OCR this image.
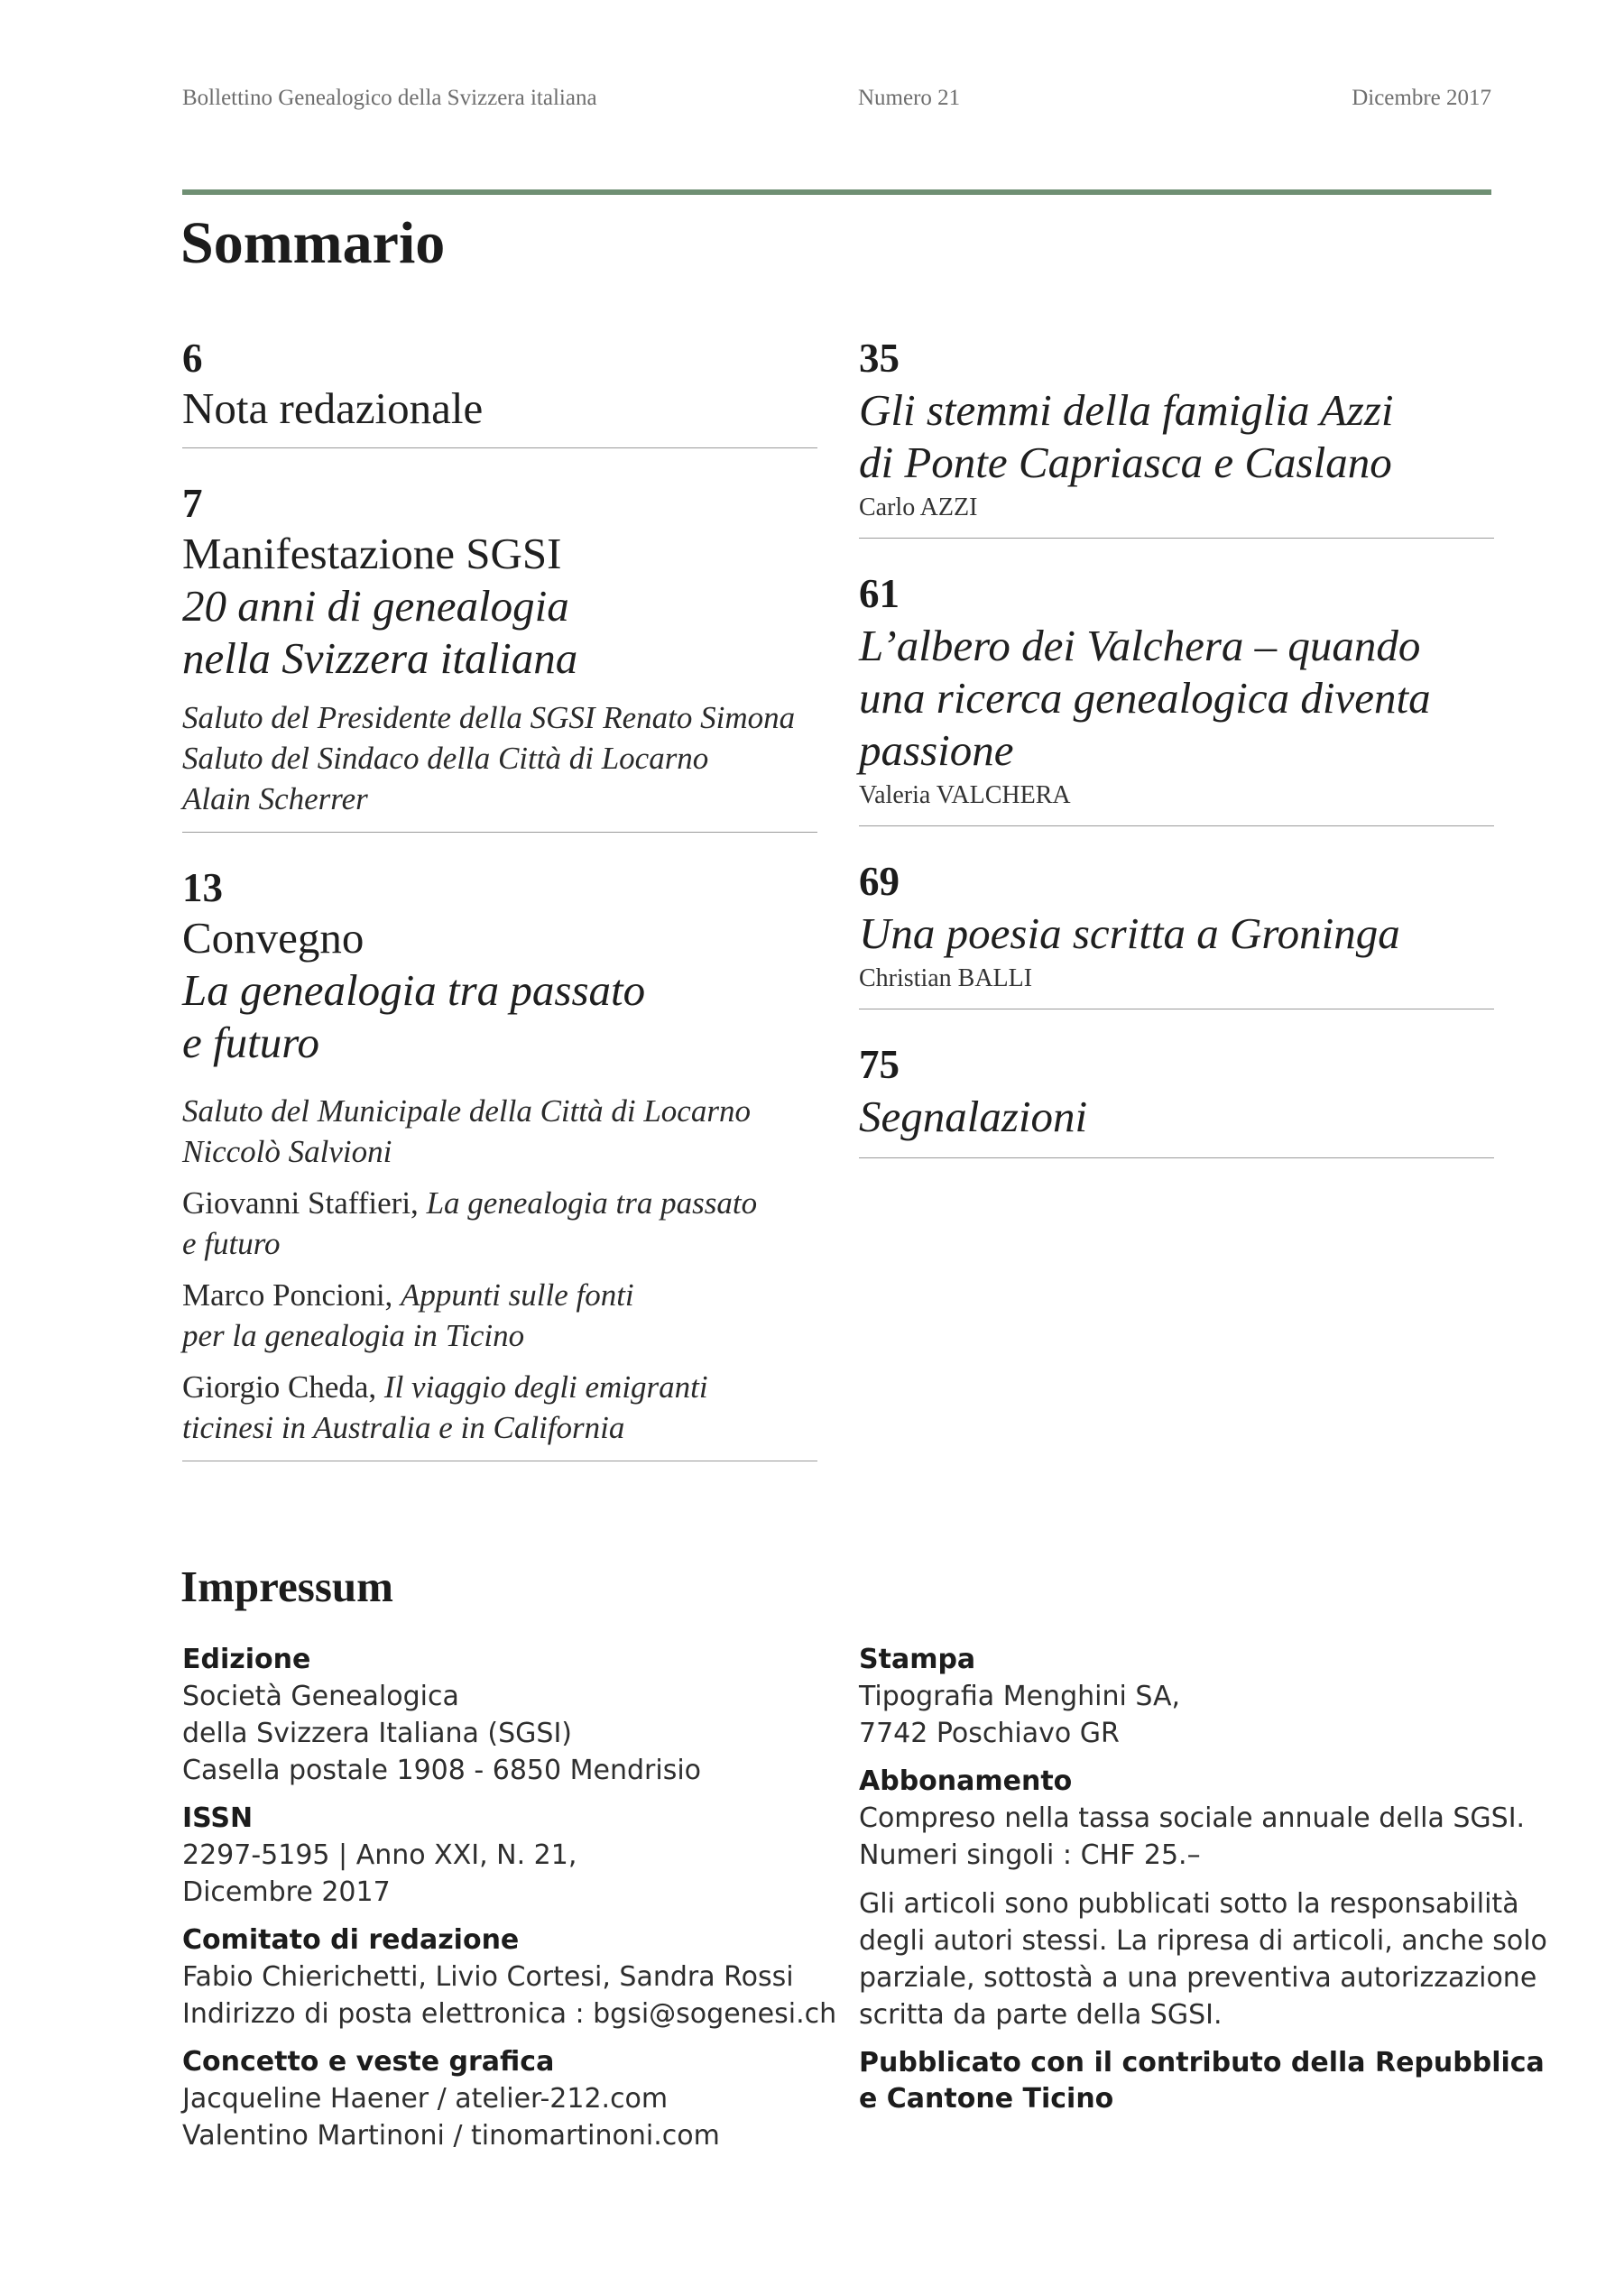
Bollettino Genealogico della Svizzera italiana	Numero 21	Dicembre 2017
Sommario
6
Nota redazionale
7
Manifestazione SGSI
20 anni di genealogia
nella Svizzera italiana
Saluto del Presidente della SGSI Renato Simona
Saluto del Sindaco della Città di Locarno
Alain Scherrer
13
Convegno
La genealogia tra passato
e futuro
Saluto del Municipale della Città di Locarno
Niccolò Salvioni
Giovanni Staffieri, La genealogia tra passato
e futuro
Marco Poncioni, Appunti sulle fonti
per la genealogia in Ticino
Giorgio Cheda, Il viaggio degli emigranti
ticinesi in Australia e in California
35
Gli stemmi della famiglia Azzi
di Ponte Capriasca e Caslano
Carlo AZZI
61
L’albero dei Valchera – quando
una ricerca genealogica diventa
passione
Valeria VALCHERA
69
Una poesia scritta a Groninga
Christian BALLI
75
Segnalazioni
Impressum
Edizione
Società Genealogica
della Svizzera Italiana (SGSI)
Casella postale 1908 - 6850 Mendrisio
ISSN
2297-5195 | Anno XXI, N. 21,
Dicembre 2017
Comitato di redazione
Fabio Chierichetti, Livio Cortesi, Sandra Rossi
Indirizzo di posta elettronica : bgsi@sogenesi.ch
Concetto e veste grafica
Jacqueline Haener / atelier-212.com
Valentino Martinoni / tinomartinoni.com
Stampa
Tipografia Menghini SA,
7742 Poschiavo GR
Abbonamento
Compreso nella tassa sociale annuale della SGSI.
Numeri singoli : CHF 25.–
Gli articoli sono pubblicati sotto la responsabilità
degli autori stessi. La ripresa di articoli, anche solo
parziale, sottostà a una preventiva autorizzazione
scritta da parte della SGSI.
Pubblicato con il contributo della Repubblica
e Cantone Ticino
